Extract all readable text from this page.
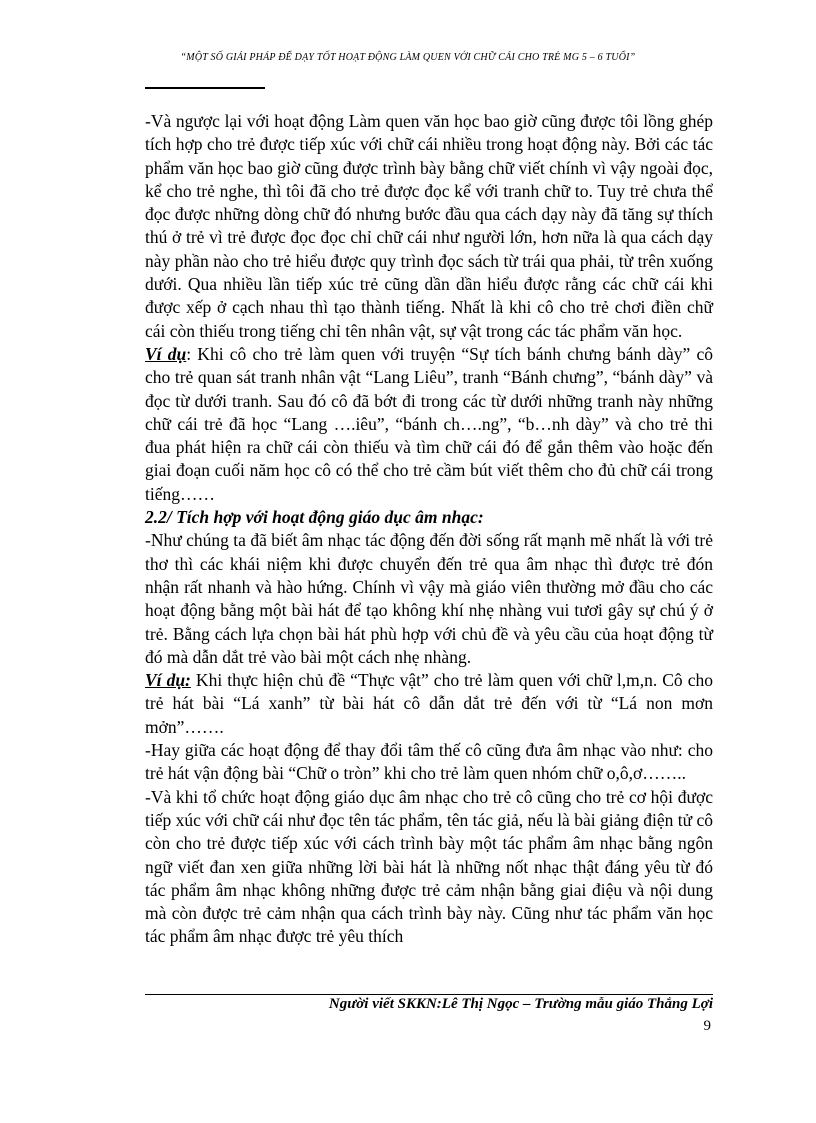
“MỘT SỐ GIẢI PHÁP ĐỂ DẠY TỐT HOẠT ĐỘNG LÀM QUEN VỚI CHỮ CÁI CHO TRẺ MG 5 – 6 TUỔI”

-Và ngược lại với hoạt động Làm quen văn học bao giờ cũng được tôi lồng ghép tích hợp cho trẻ được tiếp xúc với chữ cái nhiều trong hoạt động này. Bởi các tác phẩm văn học bao giờ cũng được trình bày bằng chữ viết chính vì vậy ngoài đọc, kể cho trẻ nghe, thì tôi đã cho trẻ được đọc kể với tranh chữ to. Tuy trẻ chưa thể đọc được những dòng chữ đó nhưng bước đầu qua cách dạy này đã tăng sự thích thú ở trẻ vì trẻ được đọc đọc chỉ chữ cái như người lớn, hơn nữa là qua cách dạy này phần nào cho trẻ hiểu được quy trình đọc sách từ trái qua phải, từ trên xuống dưới. Qua nhiều lần tiếp xúc trẻ cũng dần dần hiểu được rằng các chữ cái khi được xếp ở cạch nhau thì tạo thành tiếng. Nhất là khi cô cho trẻ chơi điền chữ cái còn thiếu trong tiếng chỉ tên nhân vật, sự vật trong các tác phẩm văn học.

Ví dụ: Khi cô cho trẻ làm quen với truyện “Sự tích bánh chưng bánh dày” cô cho trẻ quan sát tranh nhân vật “Lang Liêu”, tranh “Bánh chưng”, “bánh dày” và đọc từ dưới tranh. Sau đó cô đã bớt đi trong các từ dưới những tranh này những chữ cái trẻ đã học “Lang ….iêu”, “bánh ch….ng”, “b…nh dày” và cho trẻ thi đua phát hiện ra chữ cái còn thiếu và tìm chữ cái đó để gắn thêm vào hoặc đến giai đoạn cuối năm học cô có thể cho trẻ cầm bút viết thêm cho đủ chữ cái trong tiếng……

2.2/ Tích hợp với hoạt động giáo dục âm nhạc:

-Như chúng ta đã biết âm nhạc tác động đến đời sống rất mạnh mẽ nhất là với trẻ thơ thì các khái niệm khi được chuyển đến trẻ qua âm nhạc thì được trẻ đón nhận rất nhanh và hào hứng. Chính vì vậy mà giáo viên thường mở đầu cho các hoạt động bằng một bài hát để tạo không khí nhẹ nhàng vui tươi gây sự chú ý ở trẻ. Bằng cách lựa chọn bài hát phù hợp với chủ đề và yêu cầu của hoạt động từ đó mà dẫn dắt trẻ vào bài một cách nhẹ nhàng.

Ví dụ: Khi thực hiện chủ đề “Thực vật” cho trẻ làm quen với chữ l,m,n. Cô cho trẻ hát bài “Lá xanh” từ bài hát cô dẫn dắt trẻ đến với từ “Lá non mơn mởn”…….

-Hay giữa các hoạt động để thay đổi tâm thế cô cũng đưa âm nhạc vào như: cho trẻ hát vận động bài “Chữ o tròn” khi cho trẻ làm quen nhóm chữ o,ô,ơ……..

-Và khi tổ chức hoạt động giáo dục âm nhạc cho trẻ cô cũng cho trẻ cơ hội được tiếp xúc với chữ cái như đọc tên tác phẩm, tên tác giả, nếu là bài giảng điện tử cô còn cho trẻ được tiếp xúc với cách trình bày một tác phẩm âm nhạc bằng ngôn ngữ viết đan xen giữa những lời bài hát là những nốt nhạc thật đáng yêu từ đó tác phẩm âm nhạc không những được trẻ cảm nhận bằng giai điệu và nội dung mà còn được trẻ cảm nhận qua cách trình bày này. Cũng như tác phẩm văn học tác phẩm âm nhạc được trẻ yêu thích

Người viết SKKN:Lê Thị Ngọc – Trường mẫu giáo Thắng Lợi
9
